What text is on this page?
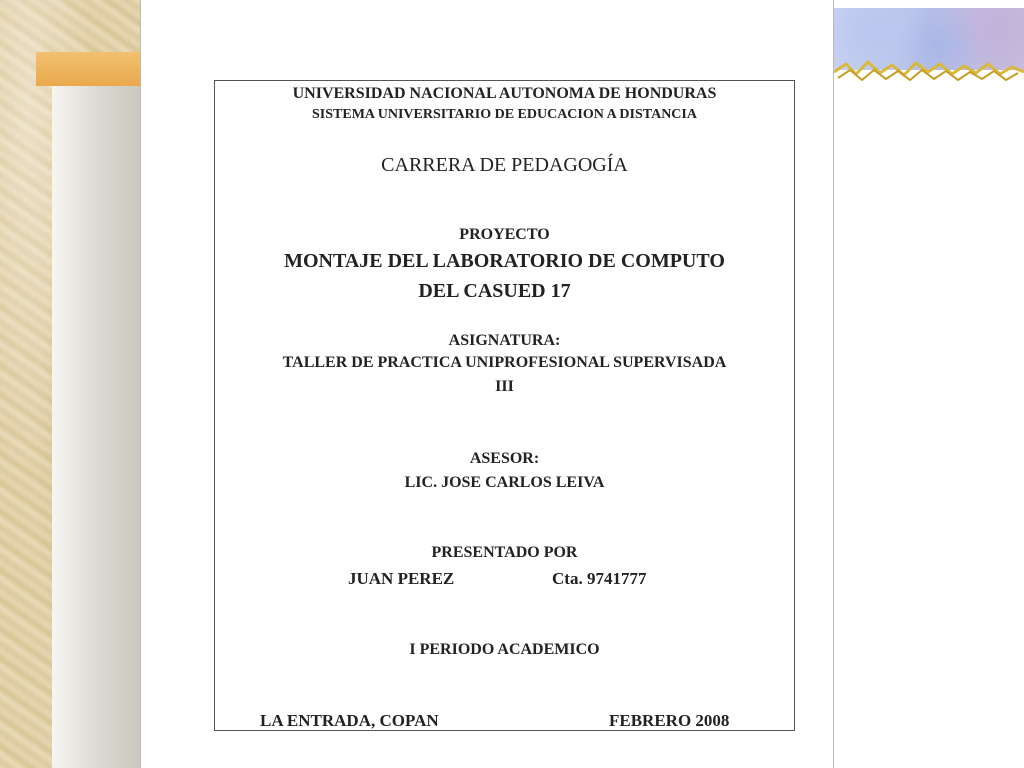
UNIVERSIDAD NACIONAL AUTONOMA DE HONDURAS
SISTEMA UNIVERSITARIO DE EDUCACION A DISTANCIA
CARRERA DE PEDAGOGÍA
PROYECTO
MONTAJE DEL LABORATORIO DE COMPUTO
DEL CASUED 17
ASIGNATURA:
TALLER DE PRACTICA UNIPROFESIONAL SUPERVISADA
III
ASESOR:
LIC. JOSE CARLOS LEIVA
PRESENTADO POR
JUAN PEREZ	Cta. 9741777
I PERIODO ACADEMICO
LA ENTRADA, COPAN	FEBRERO 2008
